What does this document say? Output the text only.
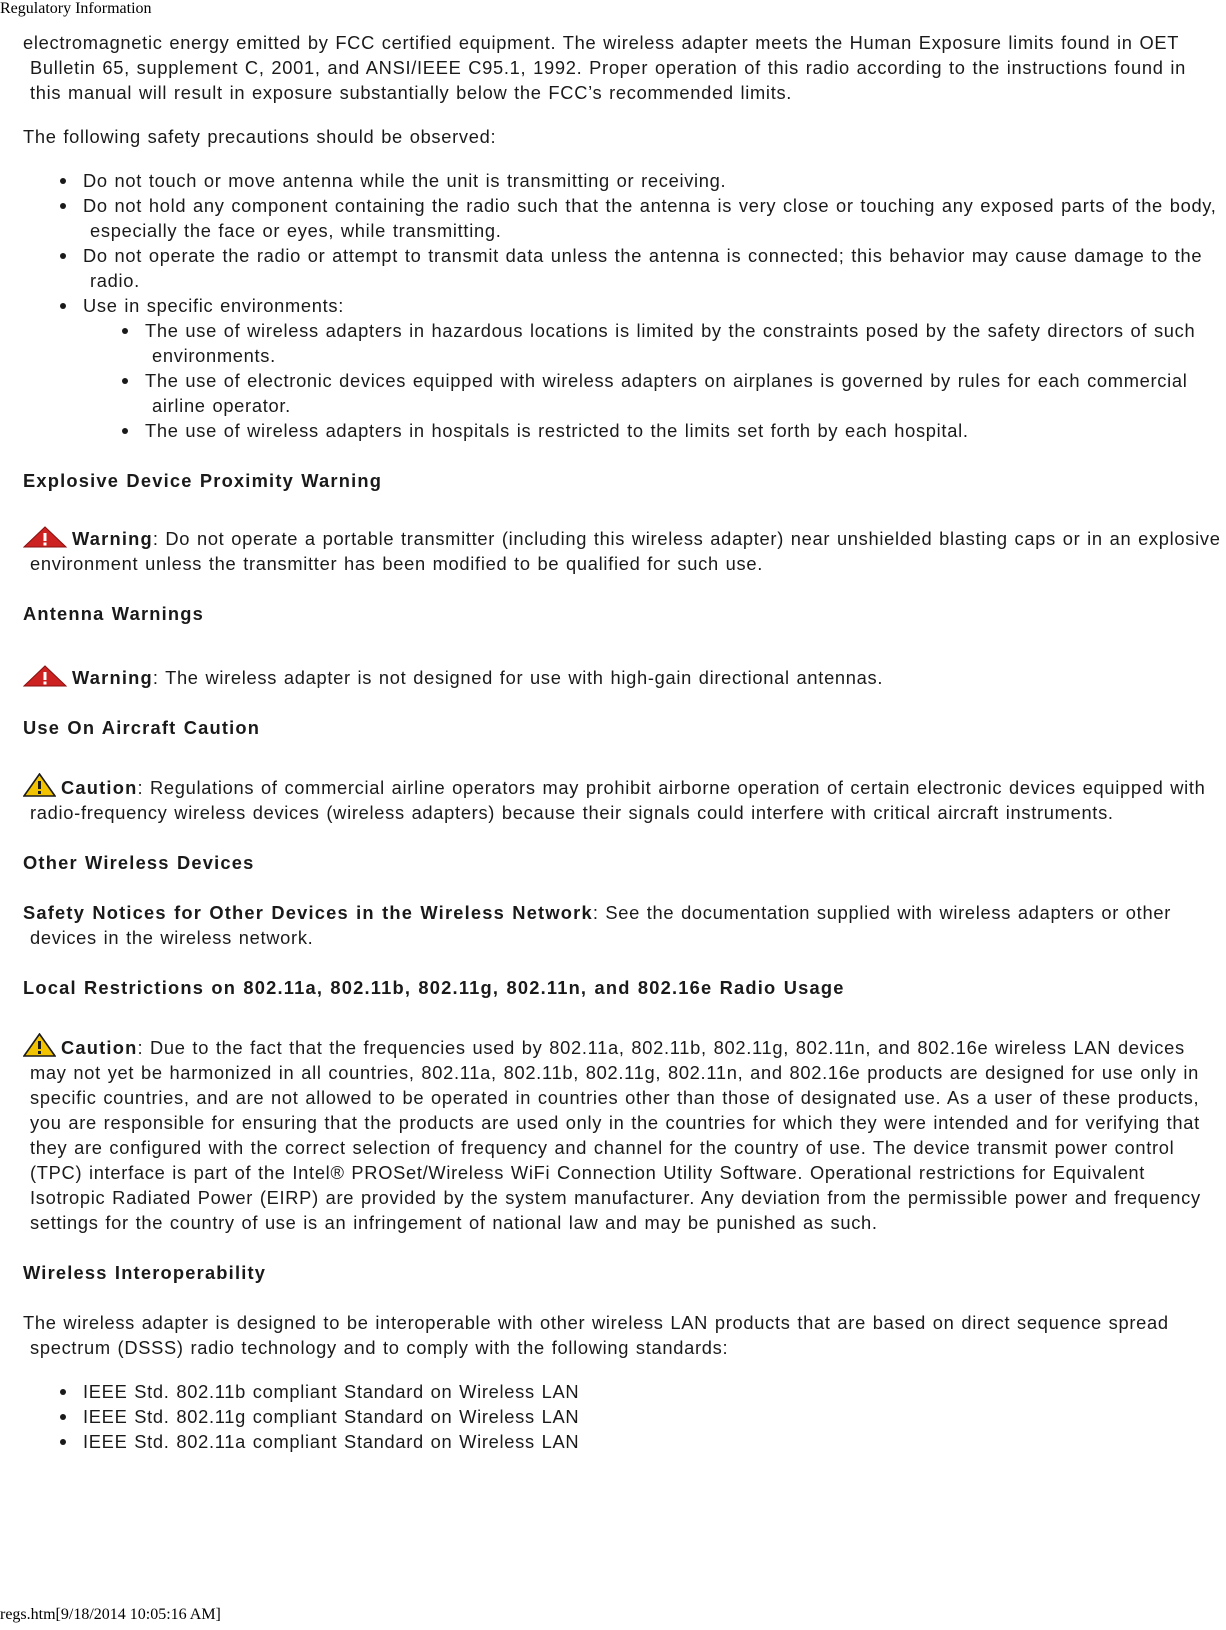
Regulatory Information

electromagnetic energy emitted by FCC certified equipment. The wireless adapter meets the Human Exposure limits found in OET Bulletin 65, supplement C, 2001, and ANSI/IEEE C95.1, 1992. Proper operation of this radio according to the instructions found in this manual will result in exposure substantially below the FCC’s recommended limits.

The following safety precautions should be observed:

Do not touch or move antenna while the unit is transmitting or receiving.
Do not hold any component containing the radio such that the antenna is very close or touching any exposed parts of the body, especially the face or eyes, while transmitting.
Do not operate the radio or attempt to transmit data unless the antenna is connected; this behavior may cause damage to the radio.
Use in specific environments:
The use of wireless adapters in hazardous locations is limited by the constraints posed by the safety directors of such environments.
The use of electronic devices equipped with wireless adapters on airplanes is governed by rules for each commercial airline operator.
The use of wireless adapters in hospitals is restricted to the limits set forth by each hospital.
Explosive Device Proximity Warning

Warning: Do not operate a portable transmitter (including this wireless adapter) near unshielded blasting caps or in an explosive environment unless the transmitter has been modified to be qualified for such use.

Antenna Warnings

Warning: The wireless adapter is not designed for use with high-gain directional antennas.

Use On Aircraft Caution

Caution: Regulations of commercial airline operators may prohibit airborne operation of certain electronic devices equipped with radio-frequency wireless devices (wireless adapters) because their signals could interfere with critical aircraft instruments.

Other Wireless Devices

Safety Notices for Other Devices in the Wireless Network: See the documentation supplied with wireless adapters or other devices in the wireless network.

Local Restrictions on 802.11a, 802.11b, 802.11g, 802.11n, and 802.16e Radio Usage

Caution: Due to the fact that the frequencies used by 802.11a, 802.11b, 802.11g, 802.11n, and 802.16e wireless LAN devices may not yet be harmonized in all countries, 802.11a, 802.11b, 802.11g, 802.11n, and 802.16e products are designed for use only in specific countries, and are not allowed to be operated in countries other than those of designated use. As a user of these products, you are responsible for ensuring that the products are used only in the countries for which they were intended and for verifying that they are configured with the correct selection of frequency and channel for the country of use. The device transmit power control (TPC) interface is part of the Intel® PROSet/Wireless WiFi Connection Utility Software. Operational restrictions for Equivalent Isotropic Radiated Power (EIRP) are provided by the system manufacturer. Any deviation from the permissible power and frequency settings for the country of use is an infringement of national law and may be punished as such.

Wireless Interoperability

The wireless adapter is designed to be interoperable with other wireless LAN products that are based on direct sequence spread spectrum (DSSS) radio technology and to comply with the following standards:

IEEE Std. 802.11b compliant Standard on Wireless LAN
IEEE Std. 802.11g compliant Standard on Wireless LAN
IEEE Std. 802.11a compliant Standard on Wireless LAN
regs.htm[9/18/2014 10:05:16 AM]
